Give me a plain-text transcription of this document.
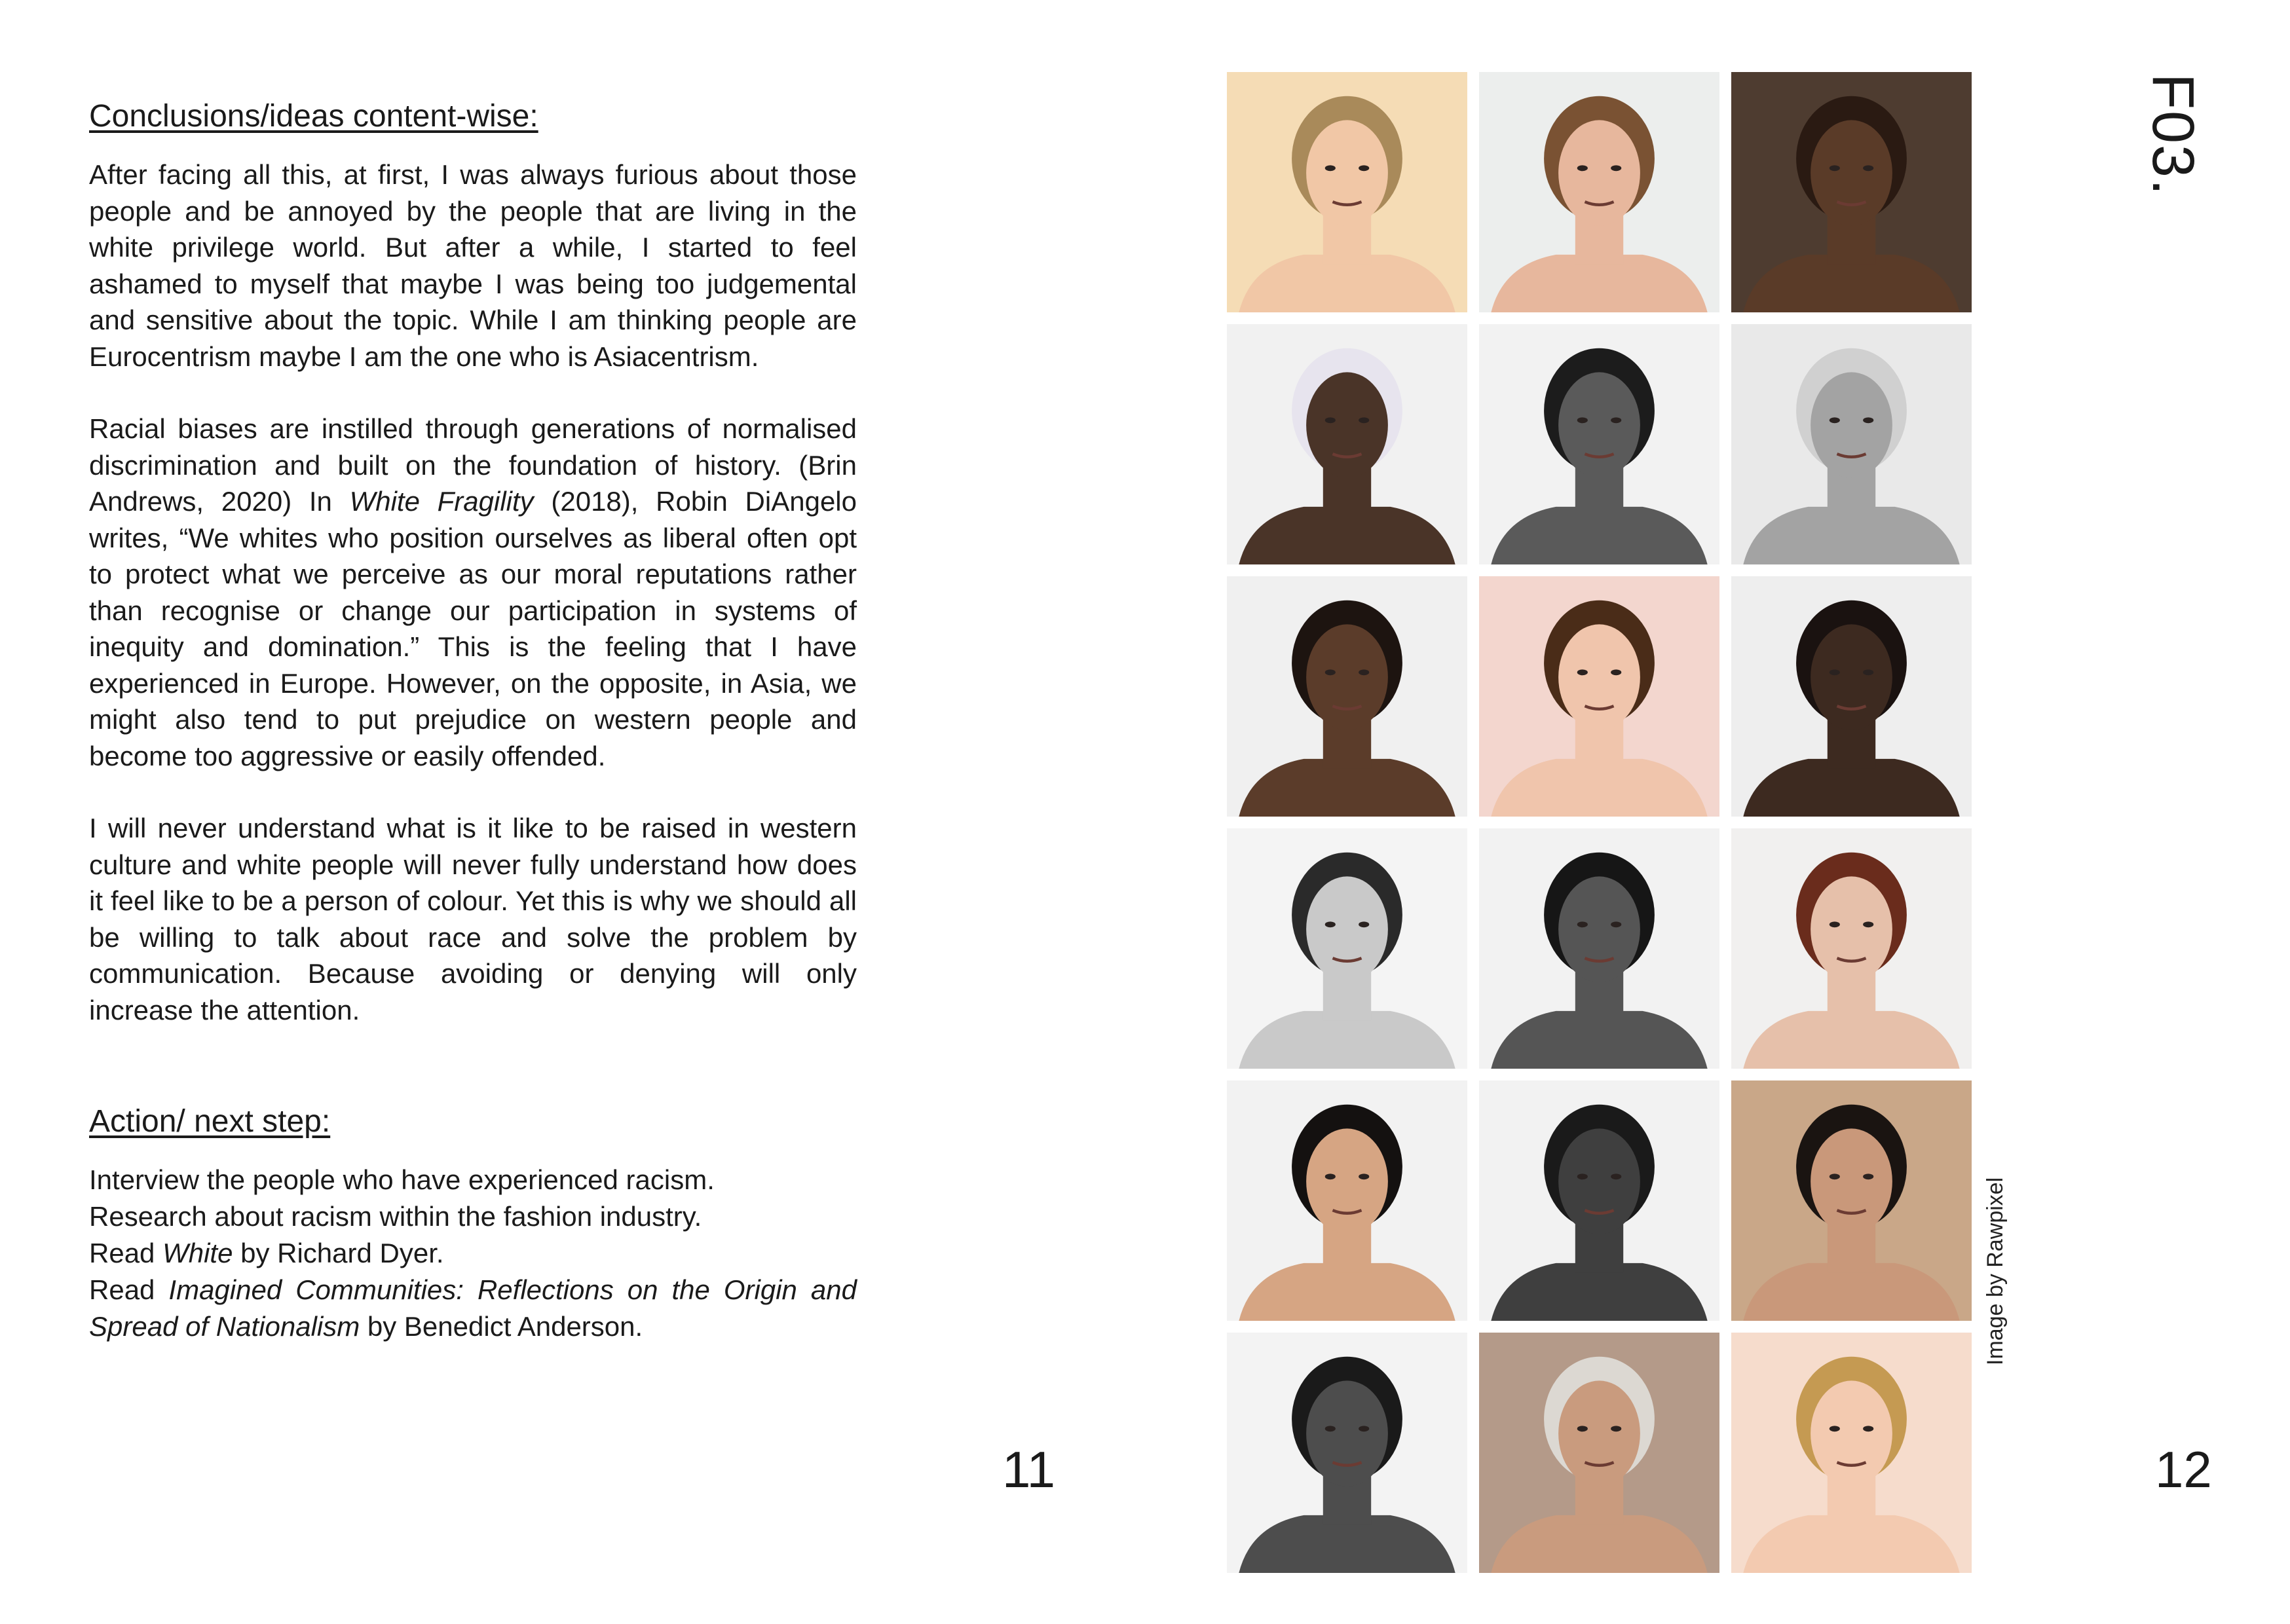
Conclusions/ideas content-wise:

After facing all this, at first, I was always furious about those people and be annoyed by the people that are living in the white privilege world. But after a while, I started to feel ashamed to myself that maybe I was being too judgemental and sensitive about the topic. While I am thinking people are Eurocentrism maybe I am the one who is Asiacentrism.

Racial biases are instilled through generations of normalised discrimination and built on the foundation of history. (Brin Andrews, 2020) In White Fragility (2018), Robin DiAngelo writes, “We whites who position ourselves as liberal often opt to protect what we perceive as our moral reputations rather than recognise or change our participation in systems of inequity and domination.” This is the feeling that I have experienced in Europe. However, on the opposite, in Asia, we might also tend to put prejudice on western people and become too aggressive or easily offended.

I will never understand what is it like to be raised in western culture and white people will never fully understand how does it feel like to be a person of colour. Yet this is why we should all be willing to talk about race and solve the problem by communication. Because avoiding or denying will only increase the attention.

Action/ next step:
Interview the people who have experienced racism.
Research about racism within the fashion industry.
Read White by Richard Dyer.
Read Imagined Communities: Reflections on the Origin and Spread of Nationalism by Benedict Anderson.
11
F03.
Image by Rawpixel
12
